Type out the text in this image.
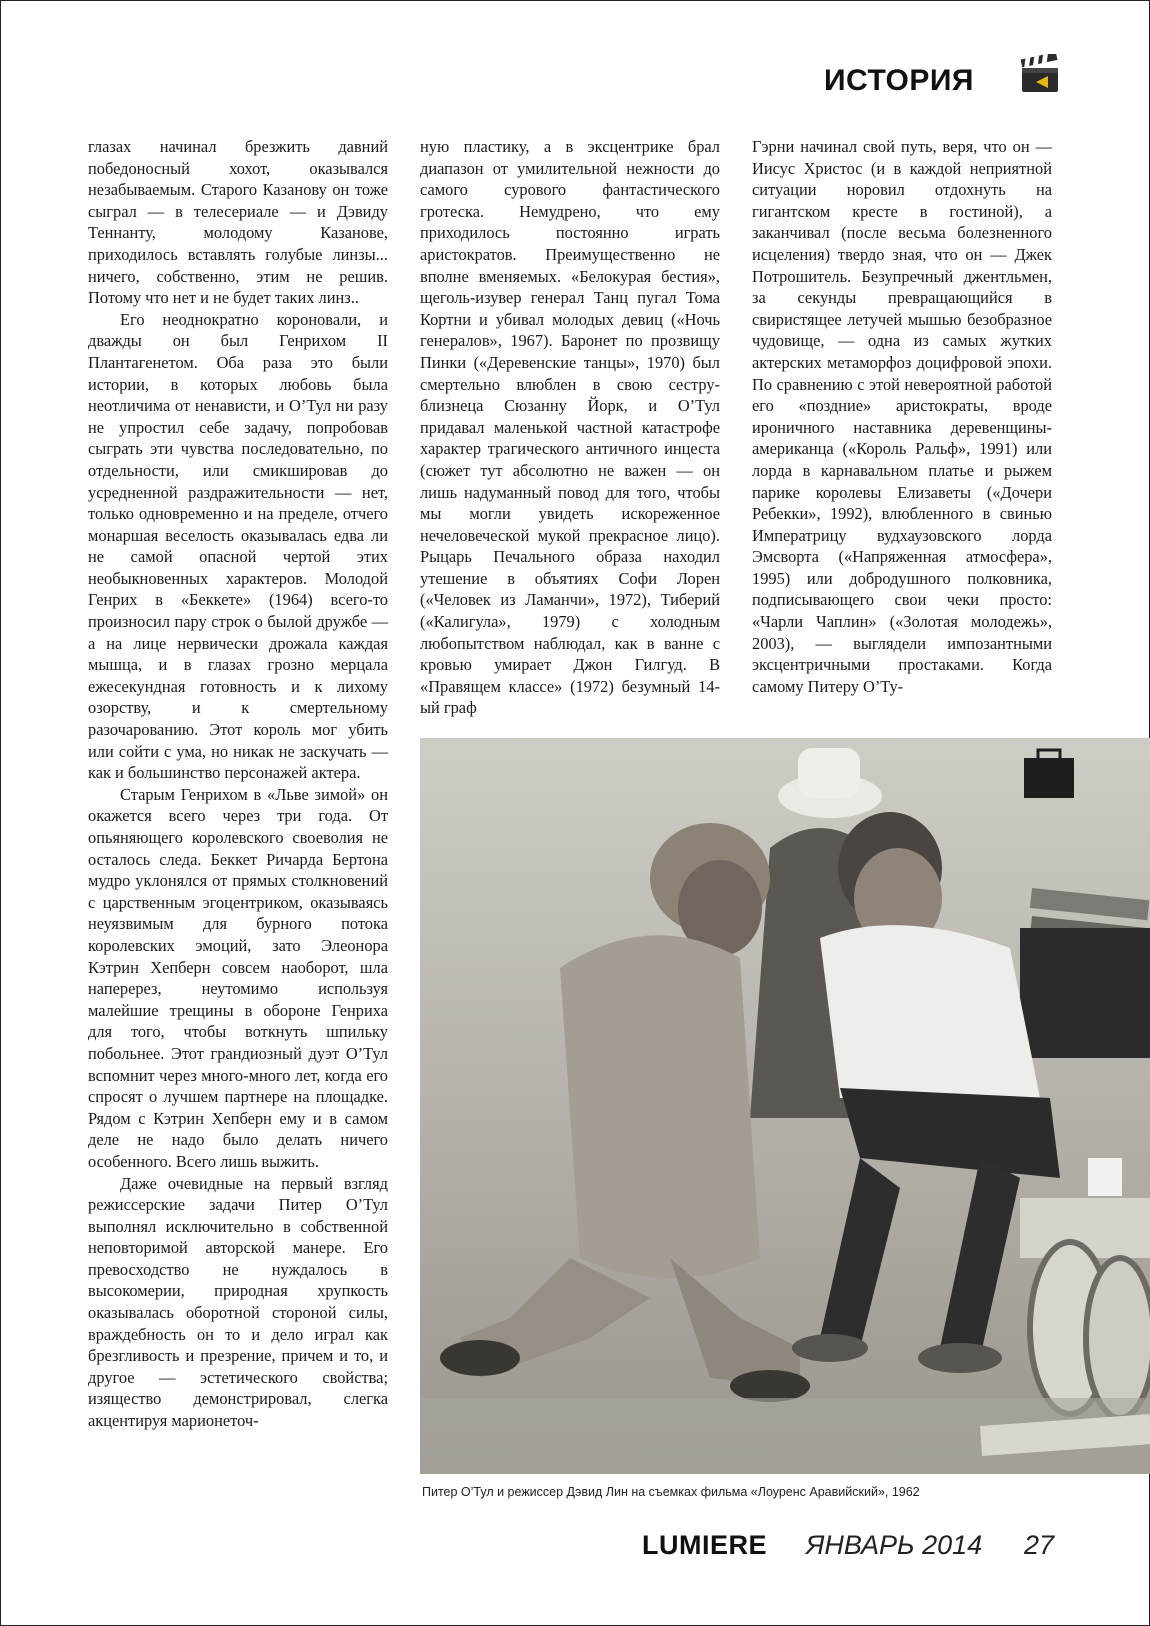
ИСТОРИЯ

глазах начинал брезжить давний победоносный хохот, оказывался незабываемым. Старого Казанову он тоже сыграл — в телесериале — и Дэвиду Теннанту, молодому Казанове, приходилось вставлять голубые линзы... ничего, собственно, этим не решив. Потому что нет и не будет таких линз..

Его неоднократно короновали, и дважды он был Генрихом II Плантагенетом. Оба раза это были истории, в которых любовь была неотличима от ненависти, и О’Тул ни разу не упростил себе задачу, попробовав сыграть эти чувства последовательно, по отдельности, или смикшировав до усредненной раздражительности — нет, только одновременно и на пределе, отчего монаршая веселость оказывалась едва ли не самой опасной чертой этих необыкновенных характеров. Молодой Генрих в «Беккете» (1964) всего-то произносил пару строк о былой дружбе — а на лице нервически дрожала каждая мышца, и в глазах грозно мерцала ежесекундная готовность и к лихому озорству, и к смертельному разочарованию. Этот король мог убить или сойти с ума, но никак не заскучать — как и большинство персонажей актера.

Старым Генрихом в «Льве зимой» он окажется всего через три года. От опьяняющего королевского своеволия не осталось следа. Беккет Ричарда Бертона мудро уклонялся от прямых столкновений с царственным эгоцентриком, оказываясь неуязвимым для бурного потока королевских эмоций, зато Элеонора Кэтрин Хепберн совсем наоборот, шла наперерез, неутомимо используя малейшие трещины в обороне Генриха для того, чтобы воткнуть шпильку побольнее. Этот грандиозный дуэт О’Тул вспомнит через много-много лет, когда его спросят о лучшем партнере на площадке. Рядом с Кэтрин Хепберн ему и в самом деле не надо было делать ничего особенного. Всего лишь выжить.

Даже очевидные на первый взгляд режиссерские задачи Питер О’Тул выполнял исключительно в собственной неповторимой авторской манере. Его превосходство не нуждалось в высокомерии, природная хрупкость оказывалась оборотной стороной силы, враждебность он то и дело играл как брезгливость и презрение, причем и то, и другое — эстетического свойства; изящество демонстрировал, слегка акцентируя марионеточ-

ную пластику, а в эксцентрике брал диапазон от умилительной нежности до самого сурового фантастического гротеска. Немудрено, что ему приходилось постоянно играть аристократов. Преимущественно не вполне вменяемых. «Белокурая бестия», щеголь-изувер генерал Танц пугал Тома Кортни и убивал молодых девиц («Ночь генералов», 1967). Баронет по прозвищу Пинки («Деревенские танцы», 1970) был смертельно влюблен в свою сестру-близнеца Сюзанну Йорк, и О’Тул придавал маленькой частной катастрофе характер трагического античного инцеста (сюжет тут абсолютно не важен — он лишь надуманный повод для того, чтобы мы могли увидеть искореженное нечеловеческой мукой прекрасное лицо). Рыцарь Печального образа находил утешение в объятиях Софи Лорен («Человек из Ламанчи», 1972), Тиберий («Калигула», 1979) с холодным любопытством наблюдал, как в ванне с кровью умирает Джон Гилгуд. В «Правящем классе» (1972) безумный 14-ый граф

Гэрни начинал свой путь, веря, что он — Иисус Христос (и в каждой неприятной ситуации норовил отдохнуть на гигантском кресте в гостиной), а заканчивал (после весьма болезненного исцеления) твердо зная, что он — Джек Потрошитель. Безупречный джентльмен, за секунды превращающийся в свиристящее летучей мышью безобразное чудовище, — одна из самых жутких актерских метаморфоз доцифровой эпохи. По сравнению с этой невероятной работой его «поздние» аристократы, вроде ироничного наставника деревенщины-американца («Король Ральф», 1991) или лорда в карнавальном платье и рыжем парике королевы Елизаветы («Дочери Ребекки», 1992), влюбленного в свинью Императрицу вудхаузовского лорда Эмсворта («Напряженная атмосфера», 1995) или добродушного полковника, подписывающего свои чеки просто: «Чарли Чаплин» («Золотая молодежь», 2003), — выглядели импозантными эксцентричными простаками. Когда самому Питеру О’Ту-

Питер О’Тул и режиссер Дэвид Лин на съемках фильма «Лоуренс Аравийский», 1962
LUMIERE ЯНВАРЬ 2014 27
